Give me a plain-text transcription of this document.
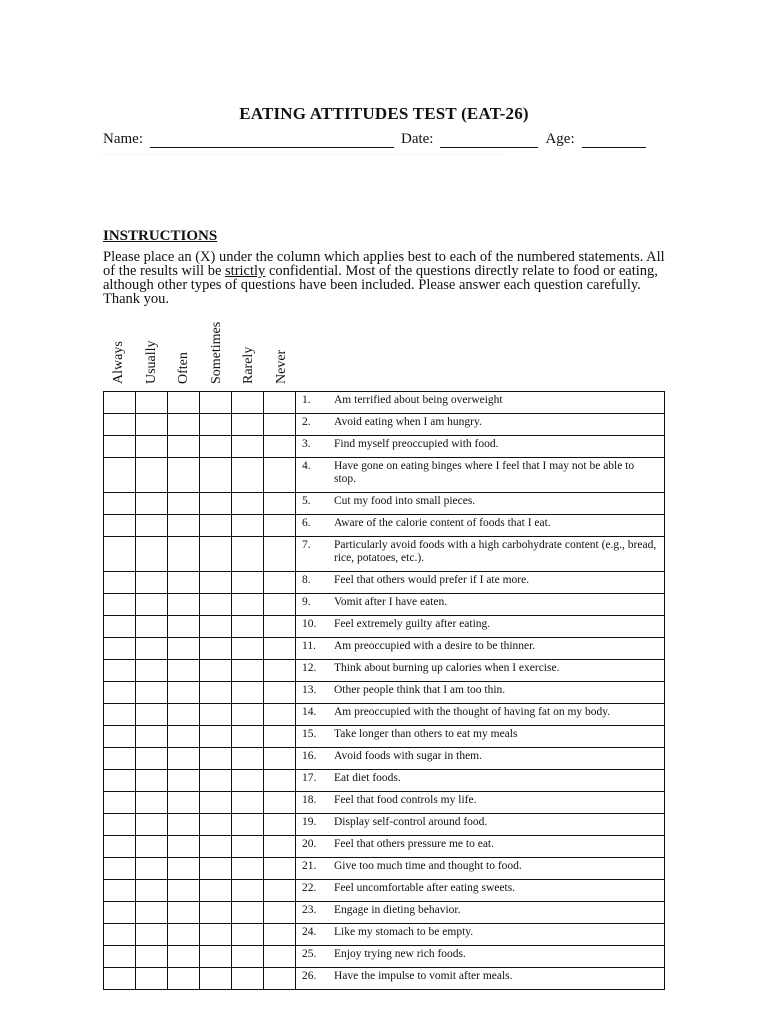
EATING ATTITUDES TEST (EAT-26)
Name:	Date:	Age:
INSTRUCTIONS
Please place an (X) under the column which applies best to each of the numbered statements. All of the results will be strictly confidential. Most of the questions directly relate to food or eating, although other types of questions have been included. Please answer each question carefully. Thank you.
Always Usually Often Sometimes Rarely Never
						1.	Am terrified about being overweight
						2.	Avoid eating when I am hungry.
						3.	Find myself preoccupied with food.
						4.	Have gone on eating binges where I feel that I may not be able to stop.
						5.	Cut my food into small pieces.
						6.	Aware of the calorie content of foods that I eat.
						7.	Particularly avoid foods with a high carbohydrate content (e.g., bread, rice, potatoes, etc.).
						8.	Feel that others would prefer if I ate more.
						9.	Vomit after I have eaten.
						10.	Feel extremely guilty after eating.
						11.	Am preoccupied with a desire to be thinner.
						12.	Think about burning up calories when I exercise.
						13.	Other people think that I am too thin.
						14.	Am preoccupied with the thought of having fat on my body.
						15.	Take longer than others to eat my meals
						16.	Avoid foods with sugar in them.
						17.	Eat diet foods.
						18.	Feel that food controls my life.
						19.	Display self-control around food.
						20.	Feel that others pressure me to eat.
						21.	Give too much time and thought to food.
						22.	Feel uncomfortable after eating sweets.
						23.	Engage in dieting behavior.
						24.	Like my stomach to be empty.
						25.	Enjoy trying new rich foods.
						26.	Have the impulse to vomit after meals.
